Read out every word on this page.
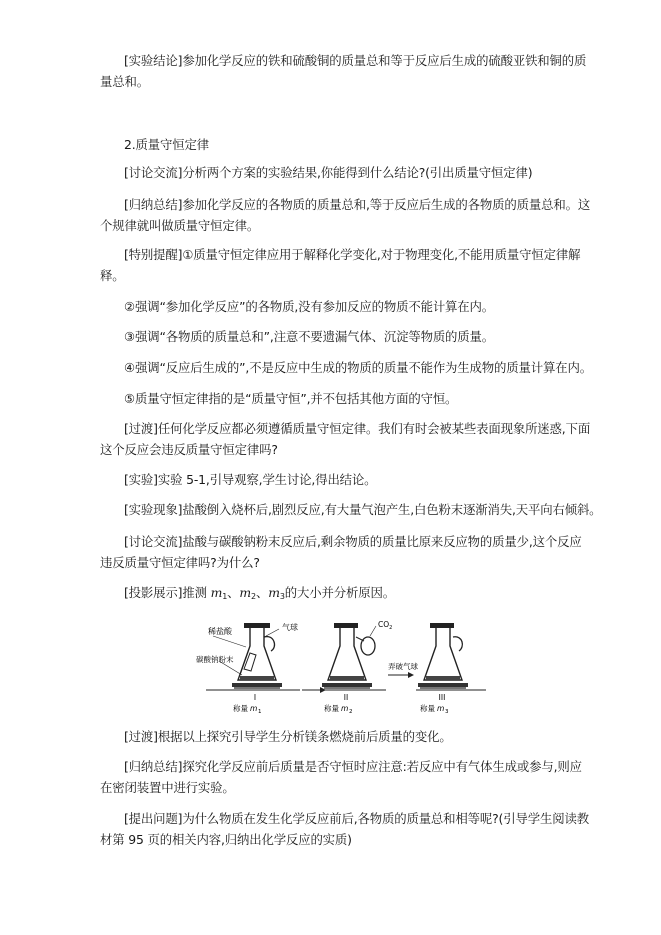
[实验结论]参加化学反应的铁和硫酸铜的质量总和等于反应后生成的硫酸亚铁和铜的质
量总和。
2.质量守恒定律
[讨论交流]分析两个方案的实验结果,你能得到什么结论?(引出质量守恒定律)
[归纳总结]参加化学反应的各物质的质量总和,等于反应后生成的各物质的质量总和。这
个规律就叫做质量守恒定律。
[特别提醒]①质量守恒定律应用于解释化学变化,对于物理变化,不能用质量守恒定律解
释。
②强调“参加化学反应”的各物质,没有参加反应的物质不能计算在内。
③强调“各物质的质量总和”,注意不要遗漏气体、沉淀等物质的质量。
④强调“反应后生成的”,不是反应中生成的物质的质量不能作为生成物的质量计算在内。
⑤质量守恒定律指的是“质量守恒”,并不包括其他方面的守恒。
[过渡]任何化学反应都必须遵循质量守恒定律。我们有时会被某些表面现象所迷惑,下面
这个反应会违反质量守恒定律吗?
[实验]实验 5-1,引导观察,学生讨论,得出结论。
[实验现象]盐酸倒入烧杯后,剧烈反应,有大量气泡产生,白色粉末逐渐消失,天平向右倾斜。
[讨论交流]盐酸与碳酸钠粉末反应后,剩余物质的质量比原来反应物的质量少,这个反应
违反质量守恒定律吗?为什么?
[投影展示]推测 $m_1$、$m_2$、$m_3$的大小并分析原因。
稀盐酸	气球
碳酸钠粉末
I
称量 m 1
$CO_2$
II
称量 m 2
弄破气球
III
称量 m 3
[过渡]根据以上探究引导学生分析镁条燃烧前后质量的变化。
[归纳总结]探究化学反应前后质量是否守恒时应注意:若反应中有气体生成或参与,则应
在密闭装置中进行实验。
[提出问题]为什么物质在发生化学反应前后,各物质的质量总和相等呢?(引导学生阅读教
材第 95 页的相关内容,归纳出化学反应的实质)
